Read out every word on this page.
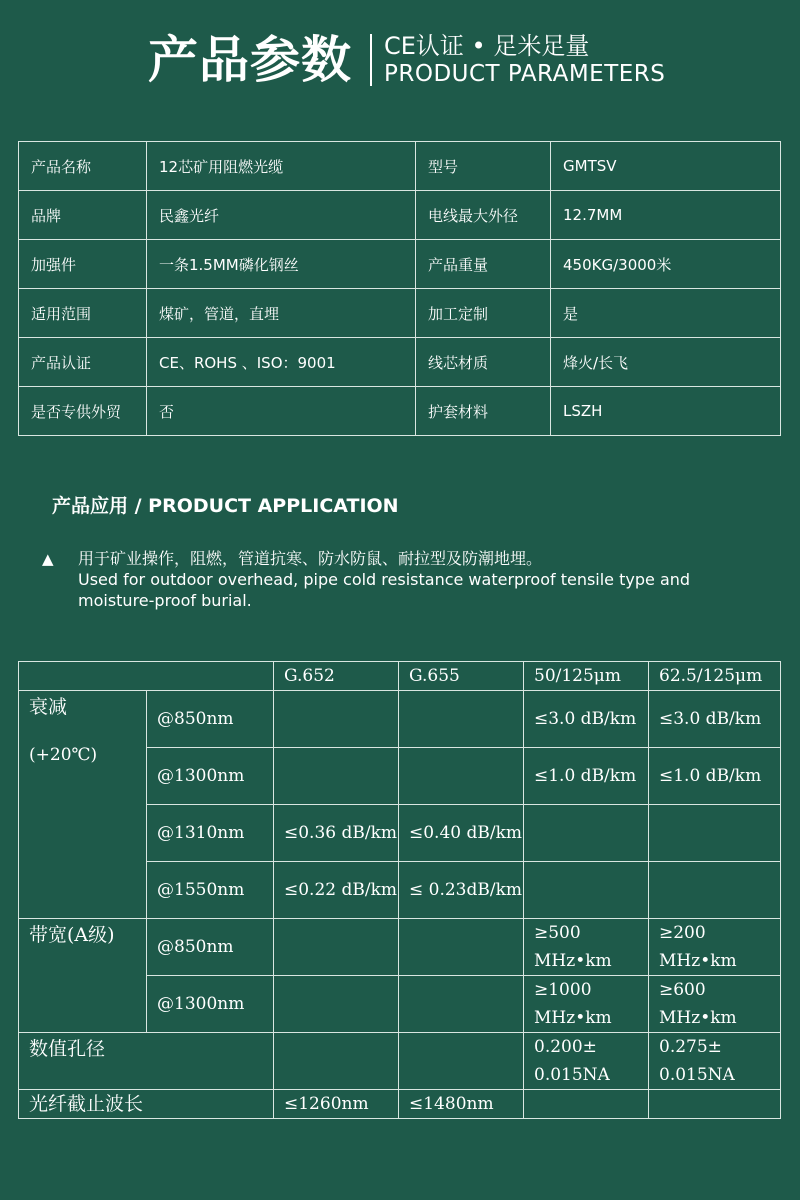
产品参数 CE认证 • 足米足量
PRODUCT PARAMETERS
产品名称	12芯矿用阻燃光缆	型号	GMTSV
品牌	民鑫光纤	电线最大外径	12.7MM
加强件	一条1.5MM磷化钢丝	产品重量	450KG/3000米
适用范围	煤矿，管道，直埋	加工定制	是
产品认证	CE、ROHS 、ISO：9001	线芯材质	烽火/长飞
是否专供外贸	否	护套材料	LSZH
产品应用 / PRODUCT APPLICATION
▲ 用于矿业操作，阻燃，管道抗寒、防水防鼠、耐拉型及防潮地埋。
Used for outdoor overhead, pipe cold resistance waterproof tensile type and
moisture-proof burial.
		G.652	G.655	50/125μm	62.5/125μm

衰减
(+20℃)	@850nm			≤3.0 dB/km	≤3.0 dB/km
	@1300nm			≤1.0 dB/km	≤1.0 dB/km
	@1310nm	≤0.36 dB/km	≤0.40 dB/km		
	@1550nm	≤0.22 dB/km	≤ 0.23dB/km		
带宽(A级)	@850nm			≥500 MHz•km	≥200 MHz•km
	@1300nm			≥1000 MHz•km	≥600 MHz•km
数值孔径				0.200± 0.015NA	0.275± 0.015NA
光纤截止波长		≤1260nm	≤1480nm		
